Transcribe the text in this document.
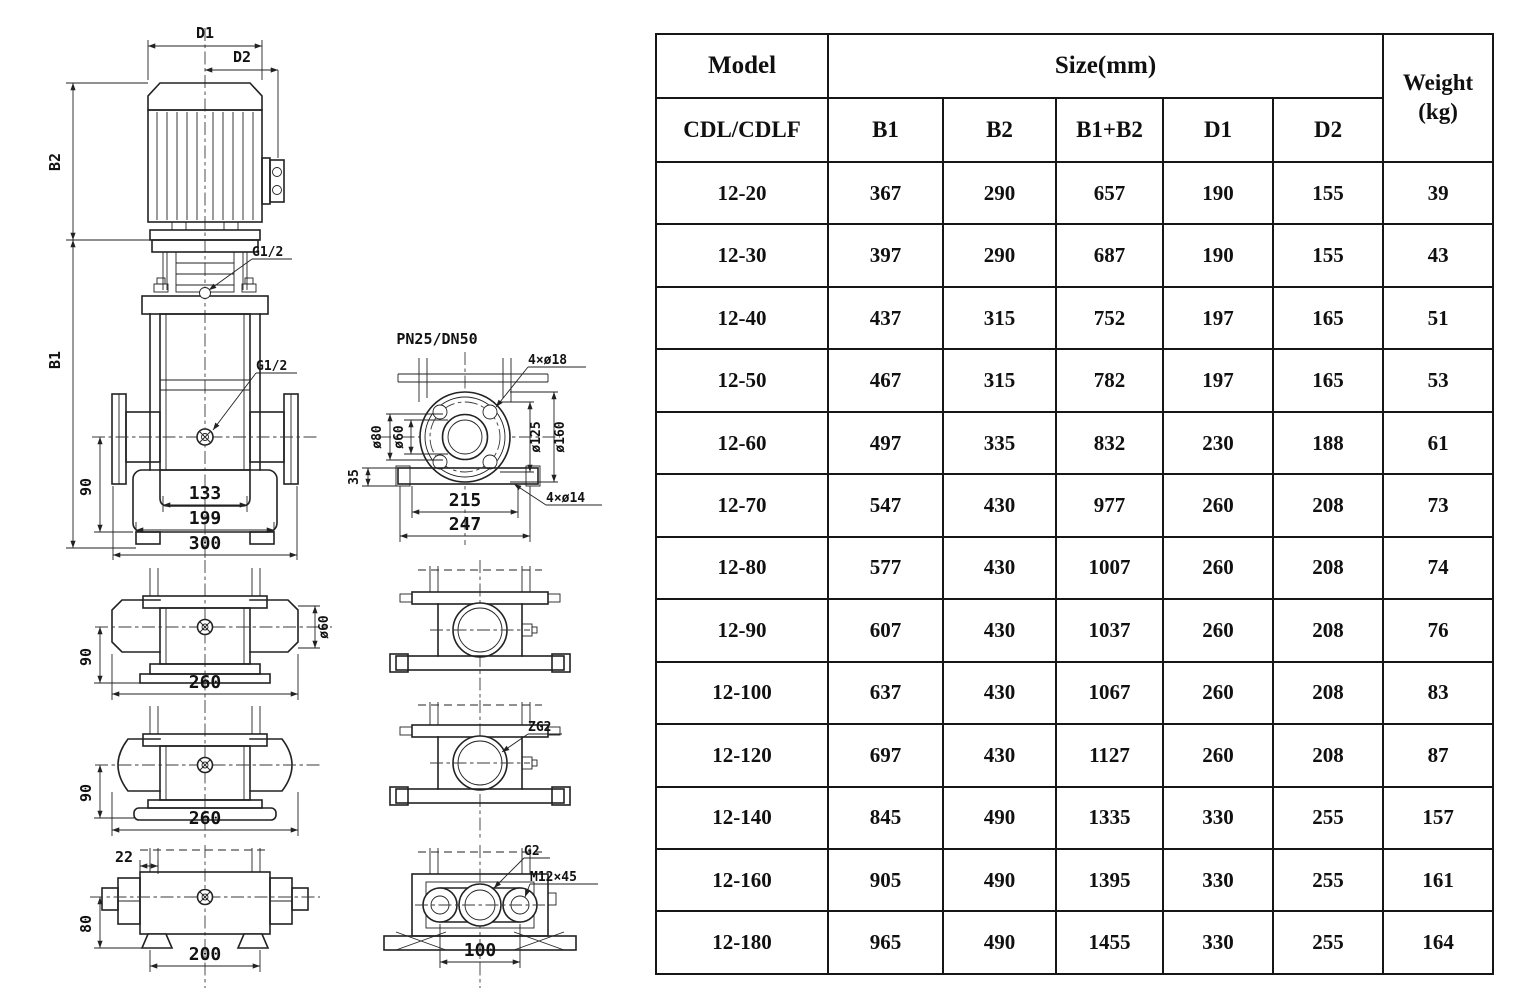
D1
D2
B2
B1
G1/2
G1/2
90	133
199
300
PN25/DN50
4×ø18
ø80 ø60	ø125 ø160
35
4×ø14
215
247
ø60
90
260
90
260
22
80
200
ZG2
G2
M12×45
100
Model	Size(mm)					Weight
(kg)

CDL/CDLF	B1	B2	B1+B2	D1	D2	
12-20	367	290	657	190	155	39
12-30	397	290	687	190	155	43
12-40	437	315	752	197	165	51
12-50	467	315	782	197	165	53
12-60	497	335	832	230	188	61
12-70	547	430	977	260	208	73
12-80	577	430	1007	260	208	74
12-90	607	430	1037	260	208	76
12-100	637	430	1067	260	208	83
12-120	697	430	1127	260	208	87
12-140	845	490	1335	330	255	157
12-160	905	490	1395	330	255	161
12-180	965	490	1455	330	255	164
